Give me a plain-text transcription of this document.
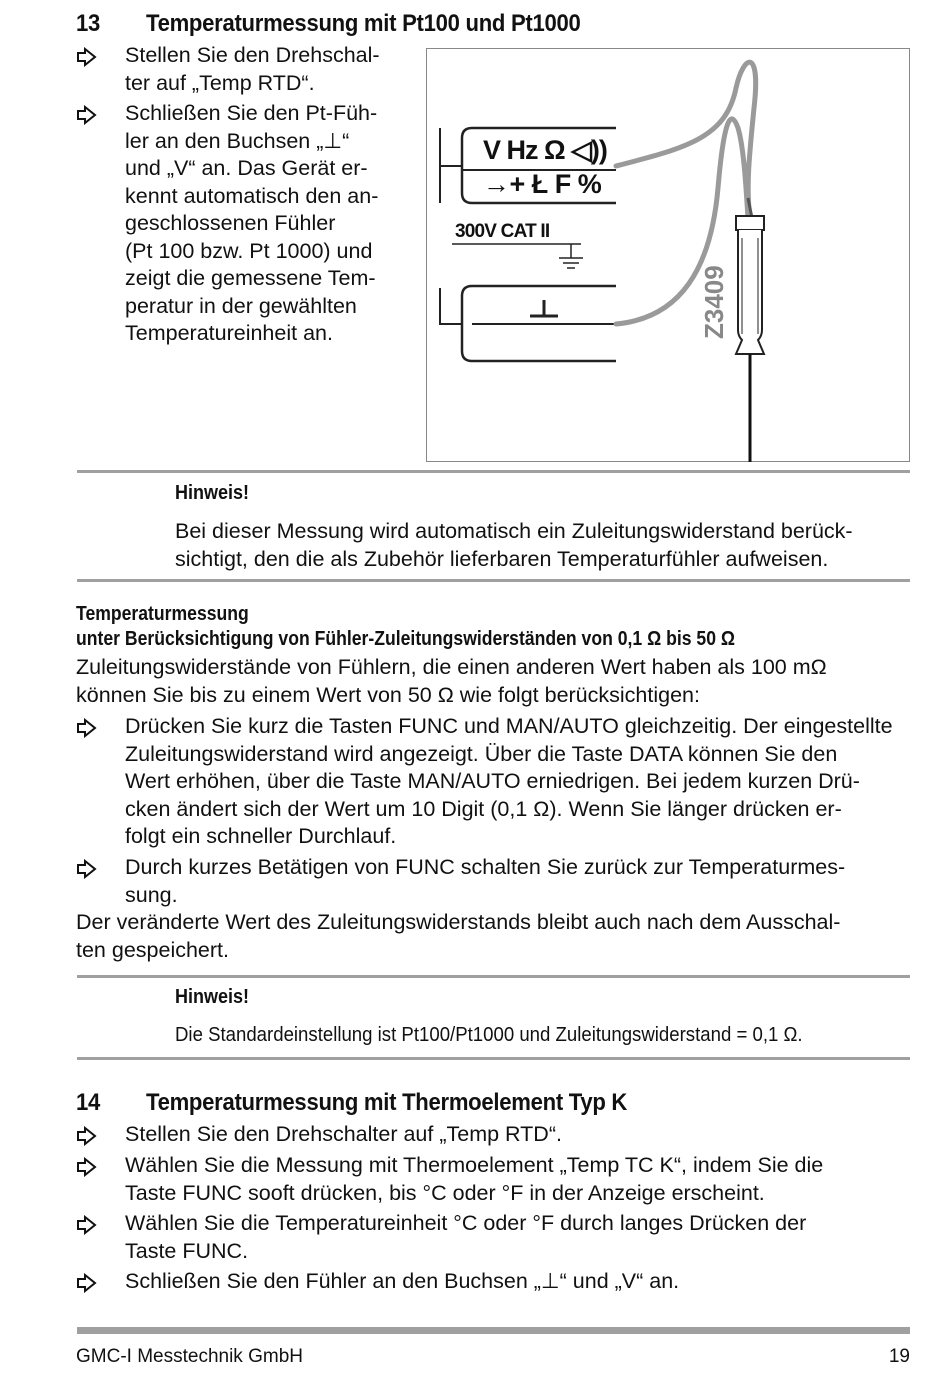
13 Temperaturmessung mit Pt100 und Pt1000
Stellen Sie den Drehschal-
ter auf „Temp RTD“.
Schließen Sie den Pt-Füh-
ler an den Buchsen „⊥“
und „V“ an. Das Gerät er-
kennt automatisch den an-
geschlossenen Fühler
(Pt 100 bzw. Pt 1000) und
zeigt die gemessene Tem-
peratur in der gewählten
Temperatureinheit an.
V Hz Ω ◁))
→+ Ł F %
300V CAT II
Z3409
Hinweis!
Bei dieser Messung wird automatisch ein Zuleitungswiderstand berück-
sichtigt, den die als Zubehör lieferbaren Temperaturfühler aufweisen.
Temperaturmessung
unter Berücksichtigung von Fühler-Zuleitungswiderständen von 0,1 Ω bis 50 Ω
Zuleitungswiderstände von Fühlern, die einen anderen Wert haben als 100 mΩ
können Sie bis zu einem Wert von 50 Ω wie folgt berücksichtigen:
Drücken Sie kurz die Tasten FUNC und MAN/AUTO gleichzeitig. Der eingestellte
Zuleitungswiderstand wird angezeigt. Über die Taste DATA können Sie den
Wert erhöhen, über die Taste MAN/AUTO erniedrigen. Bei jedem kurzen Drü-
cken ändert sich der Wert um 10 Digit (0,1 Ω). Wenn Sie länger drücken er-
folgt ein schneller Durchlauf.
Durch kurzes Betätigen von FUNC schalten Sie zurück zur Temperaturmes-
sung.
Der veränderte Wert des Zuleitungswiderstands bleibt auch nach dem Ausschal-
ten gespeichert.
Hinweis!
Die Standardeinstellung ist Pt100/Pt1000 und Zuleitungswiderstand = 0,1 Ω.
14 Temperaturmessung mit Thermoelement Typ K
Stellen Sie den Drehschalter auf „Temp RTD“.
Wählen Sie die Messung mit Thermoelement „Temp TC K“, indem Sie die
Taste FUNC sooft drücken, bis °C oder °F in der Anzeige erscheint.
Wählen Sie die Temperatureinheit °C oder °F durch langes Drücken der
Taste FUNC.
Schließen Sie den Fühler an den Buchsen „⊥“ und „V“ an.
GMC-I Messtechnik GmbH	19
